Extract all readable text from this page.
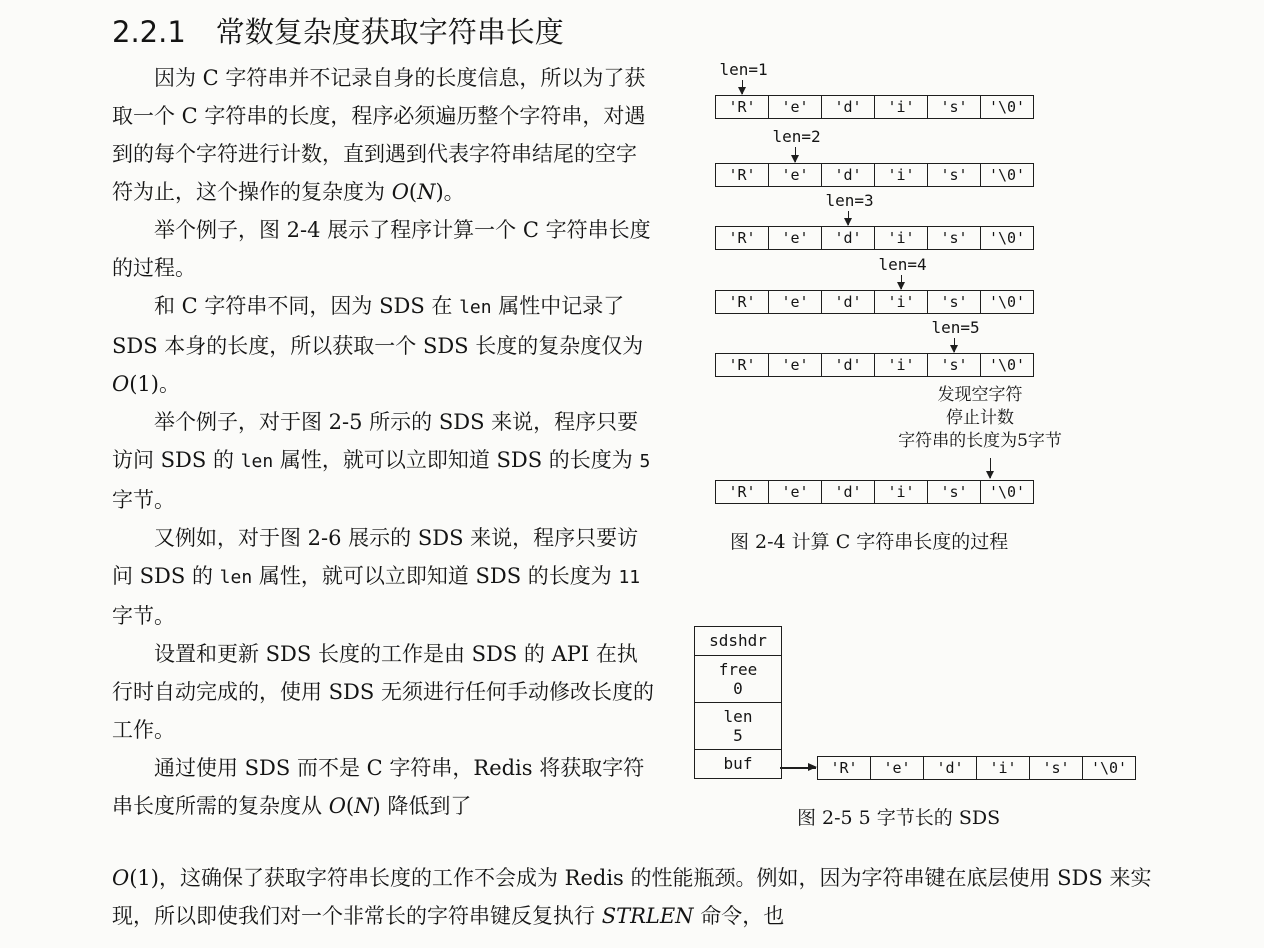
2.2.1 常数复杂度获取字符串长度

因为 C 字符串并不记录自身的长度信息，所以为了获取一个 C 字符串的长度，程序必须遍历整个字符串，对遇到的每个字符进行计数，直到遇到代表字符串结尾的空字符为止，这个操作的复杂度为 O(N)。

举个例子，图 2-4 展示了程序计算一个 C 字符串长度的过程。

和 C 字符串不同，因为 SDS 在 len 属性中记录了 SDS 本身的长度，所以获取一个 SDS 长度的复杂度仅为 O(1)。

举个例子，对于图 2-5 所示的 SDS 来说，程序只要访问 SDS 的 len 属性，就可以立即知道 SDS 的长度为 5 字节。

又例如，对于图 2-6 展示的 SDS 来说，程序只要访问 SDS 的 len 属性，就可以立即知道 SDS 的长度为 11 字节。

设置和更新 SDS 长度的工作是由 SDS 的 API 在执行时自动完成的，使用 SDS 无须进行任何手动修改长度的工作。

通过使用 SDS 而不是 C 字符串，Redis 将获取字符串长度所需的复杂度从 O(N) 降低到了

O(1)，这确保了获取字符串长度的工作不会成为 Redis 的性能瓶颈。例如，因为字符串键在底层使用 SDS 来实现，所以即使我们对一个非常长的字符串键反复执行 STRLEN 命令，也

'R'	'e'	'd'	'i'	's'	'\0'
'R'	'e'	'd'	'i'	's'	'\0'
'R'	'e'	'd'	'i'	's'	'\0'
'R'	'e'	'd'	'i'	's'	'\0'
'R'	'e'	'd'	'i'	's'	'\0'
'R'	'e'	'd'	'i'	's'	'\0'
len=1
len=2
len=3
len=4
len=5
发现空字符
停止计数
字符串的长度为5字节
图 2-4 计算 C 字符串长度的过程
sdshdr
free
0
len
5
buf	'R'	'e'	'd'	'i'	's'	'\0'
图 2-5 5 字节长的 SDS
